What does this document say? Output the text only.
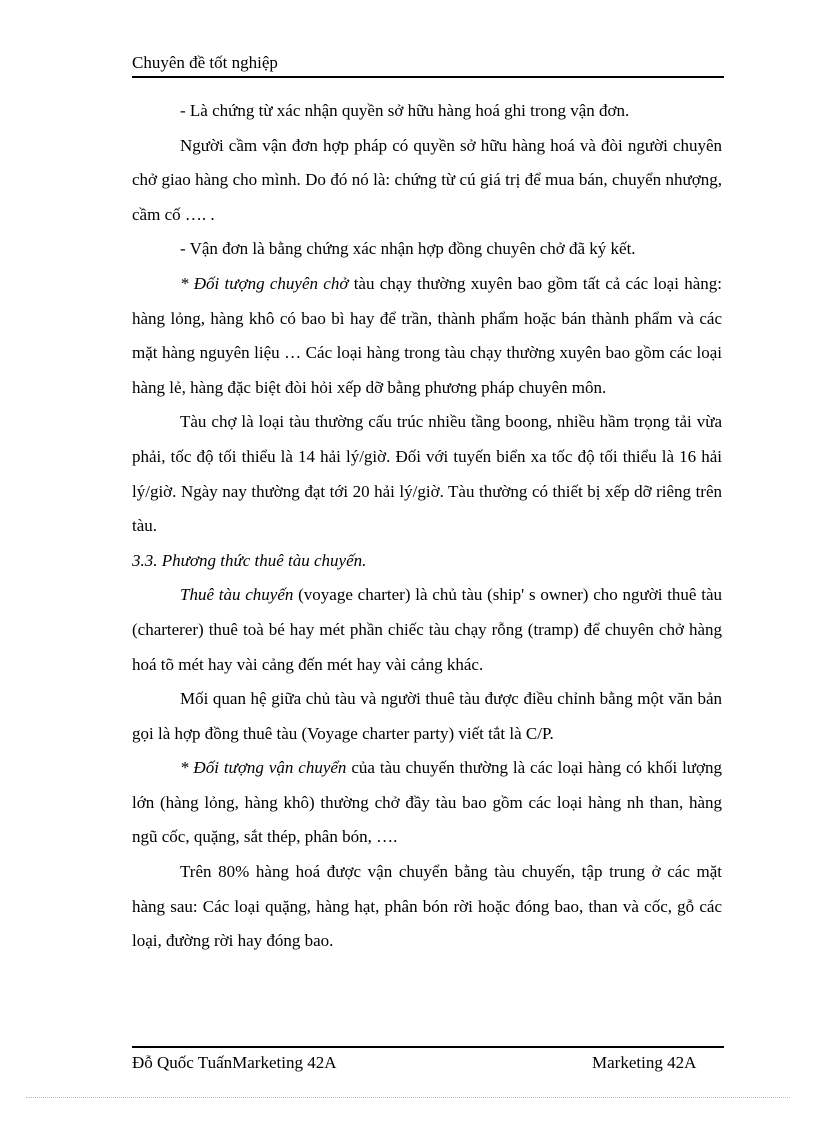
Chuyên đề tốt nghiệp

- Là chứng từ xác nhận quyền sở hữu hàng hoá ghi trong vận đơn.

Người cầm vận đơn hợp pháp có quyền sở hữu hàng hoá và đòi người chuyên chở giao hàng cho mình. Do đó nó là: chứng từ cú giá trị để mua bán, chuyển nhượng, cầm cố …. .

- Vận đơn là bằng chứng xác nhận hợp đồng chuyên chở đã ký kết.

* Đối tượng chuyên chở tàu chạy thường xuyên bao gồm tất cả các loại hàng: hàng lỏng, hàng khô có bao bì hay để trần, thành phẩm hoặc bán thành phẩm và các mặt hàng nguyên liệu … Các loại hàng trong tàu chạy thường xuyên bao gồm các loại hàng lẻ, hàng đặc biệt đòi hỏi xếp dỡ bằng phương pháp chuyên môn.

Tàu chợ là loại tàu thường cấu trúc nhiều tầng boong, nhiều hầm trọng tải vừa phải, tốc độ tối thiểu là 14 hải lý/giờ. Đối với tuyến biển xa tốc độ tối thiểu là 16 hải lý/giờ. Ngày nay thường đạt tới 20 hải lý/giờ. Tàu thường có thiết bị xếp dỡ riêng trên tàu.

3.3. Phương thức thuê tàu chuyến.

Thuê tàu chuyến (voyage charter) là chủ tàu (ship' s owner) cho người thuê tàu (charterer) thuê toà bé hay mét phần chiếc tàu chạy rỗng (tramp) để chuyên chở hàng hoá tõ mét hay vài cảng đến mét hay vài cảng khác.

Mối quan hệ giữa chủ tàu và người thuê tàu được điều chỉnh bằng một văn bản gọi là hợp đồng thuê tàu (Voyage charter party) viết tắt là C/P.

* Đối tượng vận chuyển của tàu chuyến thường là các loại hàng có khối lượng lớn (hàng lỏng, hàng khô) thường chở đầy tàu bao gồm các loại hàng nh than, hàng ngũ cốc, quặng, sắt thép, phân bón, ….

Trên 80% hàng hoá được vận chuyển bằng tàu chuyến, tập trung ở các mặt hàng sau: Các loại quặng, hàng hạt, phân bón rời hoặc đóng bao, than và cốc, gỗ các loại, đường rời hay đóng bao.

Đỗ Quốc TuấnMarketing 42A	Marketing 42A
